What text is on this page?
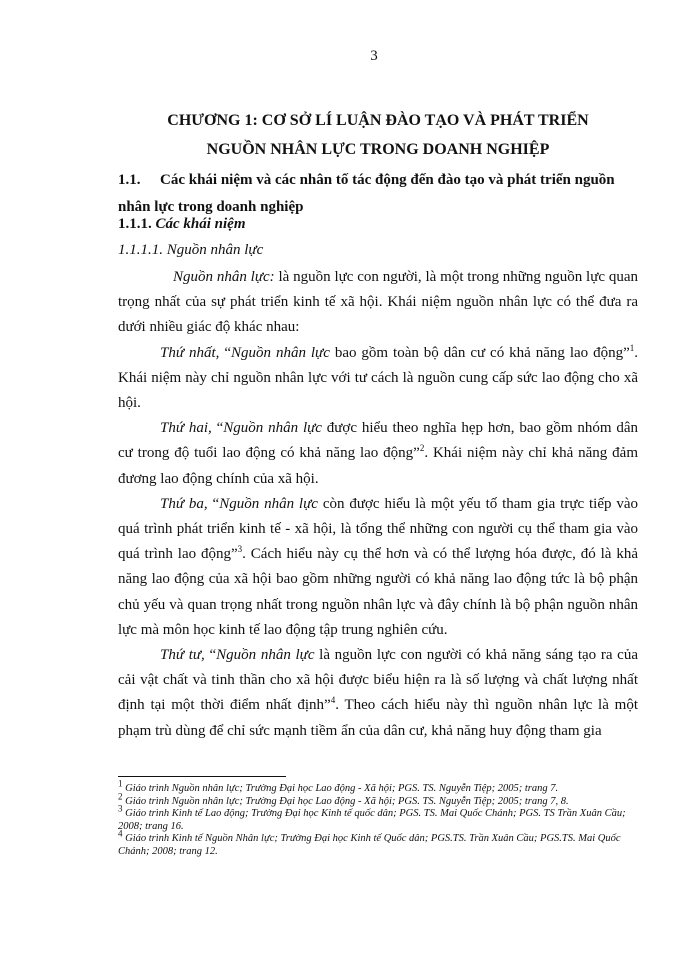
3
CHƯƠNG 1: CƠ SỞ LÍ LUẬN ĐÀO TẠO VÀ PHÁT TRIỂN
NGUỒN NHÂN LỰC TRONG DOANH NGHIỆP
1.1. Các khái niệm và các nhân tố tác động đến đào tạo và phát triển nguồn nhân lực trong doanh nghiệp
1.1.1. Các khái niệm
1.1.1.1. Nguồn nhân lực

Nguồn nhân lực: là nguồn lực con người, là một trong những nguồn lực quan trọng nhất của sự phát triển kinh tế xã hội. Khái niệm nguồn nhân lực có thể đưa ra dưới nhiều giác độ khác nhau:

Thứ nhất, “Nguồn nhân lực bao gồm toàn bộ dân cư có khả năng lao động”$^1$. Khái niệm này chỉ nguồn nhân lực với tư cách là nguồn cung cấp sức lao động cho xã hội.

Thứ hai, “Nguồn nhân lực được hiểu theo nghĩa hẹp hơn, bao gồm nhóm dân cư trong độ tuổi lao động có khả năng lao động”$^2$. Khái niệm này chỉ khả năng đảm đương lao động chính của xã hội.

Thứ ba, “Nguồn nhân lực còn được hiểu là một yếu tố tham gia trực tiếp vào quá trình phát triển kinh tế - xã hội, là tổng thể những con người cụ thể tham gia vào quá trình lao động”$^3$. Cách hiểu này cụ thể hơn và có thể lượng hóa được, đó là khả năng lao động của xã hội bao gồm những người có khả năng lao động tức là bộ phận chủ yếu và quan trọng nhất trong nguồn nhân lực và đây chính là bộ phận nguồn nhân lực mà môn học kinh tế lao động tập trung nghiên cứu.

Thứ tư, “Nguồn nhân lực là nguồn lực con người có khả năng sáng tạo ra của cải vật chất và tinh thần cho xã hội được biểu hiện ra là số lượng và chất lượng nhất định tại một thời điểm nhất định”$^4$. Theo cách hiểu này thì nguồn nhân lực là một phạm trù dùng để chỉ sức mạnh tiềm ẩn của dân cư, khả năng huy động tham gia

$^1$ Giáo trình Nguồn nhân lực; Trường Đại học Lao động - Xã hội; PGS. TS. Nguyễn Tiệp; 2005; trang 7.

$^2$ Giáo trình Nguồn nhân lực; Trường Đại học Lao động - Xã hội; PGS. TS. Nguyễn Tiệp; 2005; trang 7, 8.

$^3$ Giáo trình Kinh tế Lao động; Trường Đại học Kinh tế quốc dân; PGS. TS. Mai Quốc Chánh; PGS. TS Trần Xuân Cầu; 2008; trang 16.

$^4$ Giáo trình Kinh tế Nguồn Nhân lực; Trường Đại học Kinh tế Quốc dân; PGS.TS. Trần Xuân Cầu; PGS.TS. Mai Quốc Chánh; 2008; trang 12.
